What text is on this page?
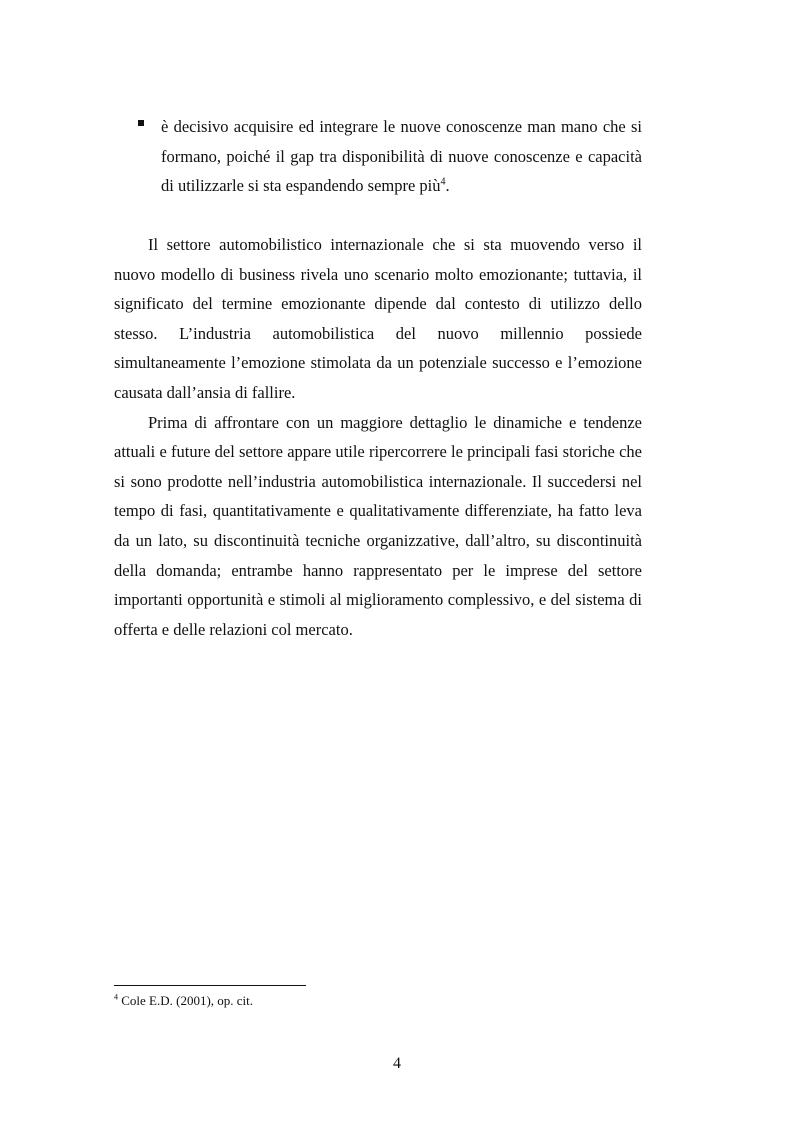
è decisivo acquisire ed integrare le nuove conoscenze man mano che si formano, poiché il gap tra disponibilità di nuove conoscenze e capacità di utilizzarle si sta espandendo sempre più$^4$.

Il settore automobilistico internazionale che si sta muovendo verso il nuovo modello di business rivela uno scenario molto emozionante; tuttavia, il significato del termine emozionante dipende dal contesto di utilizzo dello stesso. L’industria automobilistica del nuovo millennio possiede simultaneamente l’emozione stimolata da un potenziale successo e l’emozione causata dall’ansia di fallire.

Prima di affrontare con un maggiore dettaglio le dinamiche e tendenze attuali e future del settore appare utile ripercorrere le principali fasi storiche che si sono prodotte nell’industria automobilistica internazionale. Il succedersi nel tempo di fasi, quantitativamente e qualitativamente differenziate, ha fatto leva da un lato, su discontinuità tecniche organizzative, dall’altro, su discontinuità della domanda; entrambe hanno rappresentato per le imprese del settore importanti opportunità e stimoli al miglioramento complessivo, e del sistema di offerta e delle relazioni col mercato.

$^4$ Cole E.D. (2001), op. cit.
4
